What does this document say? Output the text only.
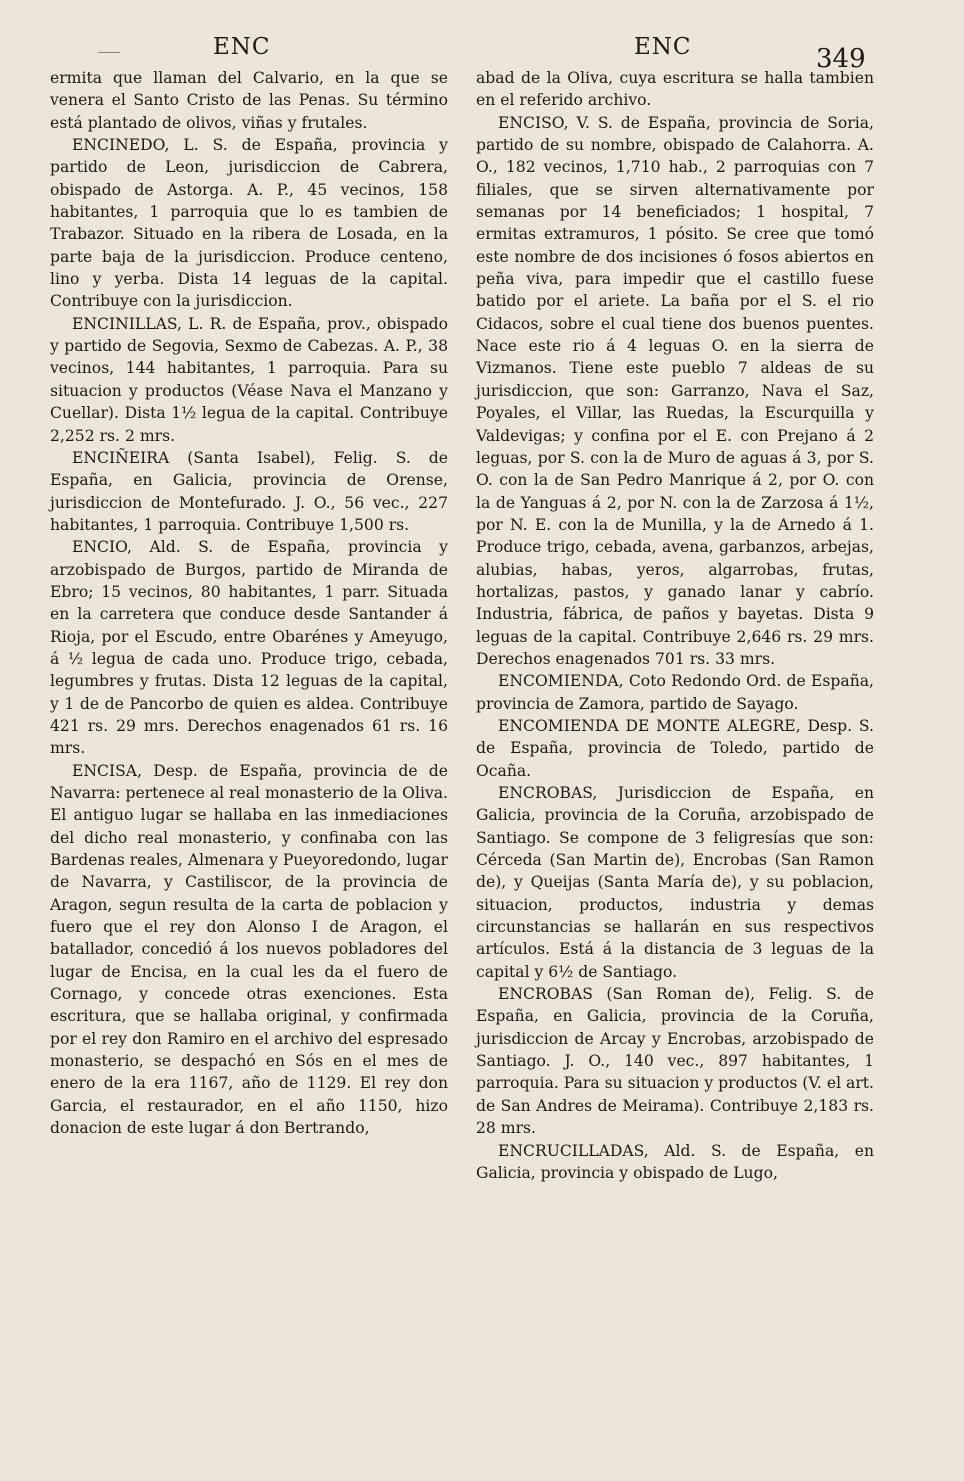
ENC	ENC	349

ermita que llaman del Calvario, en la que se venera el Santo Cristo de las Penas. Su término está plantado de olivos, viñas y frutales.

ENCINEDO, L. S. de España, provincia y partido de Leon, jurisdiccion de Cabrera, obispado de Astorga. A. P., 45 vecinos, 158 habitantes, 1 parroquia que lo es tambien de Trabazor. Situado en la ribera de Losada, en la parte baja de la jurisdiccion. Produce centeno, lino y yerba. Dista 14 leguas de la capital. Contribuye con la jurisdiccion.

ENCINILLAS, L. R. de España, prov., obispado y partido de Segovia, Sexmo de Cabezas. A. P., 38 vecinos, 144 habitantes, 1 parroquia. Para su situacion y productos (Véase Nava el Manzano y Cuellar). Dista 1½ legua de la capital. Contribuye 2,252 rs. 2 mrs.

ENCIÑEIRA (Santa Isabel), Felig. S. de España, en Galicia, provincia de Orense, jurisdiccion de Montefurado. J. O., 56 vec., 227 habitantes, 1 parroquia. Contribuye 1,500 rs.

ENCIO, Ald. S. de España, provincia y arzobispado de Burgos, partido de Miranda de Ebro; 15 vecinos, 80 habitantes, 1 parr. Situada en la carretera que conduce desde Santander á Rioja, por el Escudo, entre Obarénes y Ameyugo, á ½ legua de cada uno. Produce trigo, cebada, legumbres y frutas. Dista 12 leguas de la capital, y 1 de de Pancorbo de quien es aldea. Contribuye 421 rs. 29 mrs. Derechos enagenados 61 rs. 16 mrs.

ENCISA, Desp. de España, provincia de de Navarra: pertenece al real monasterio de la Oliva. El antiguo lugar se hallaba en las inmediaciones del dicho real monasterio, y confinaba con las Bardenas reales, Almenara y Pueyoredondo, lugar de Navarra, y Castiliscor, de la provincia de Aragon, segun resulta de la carta de poblacion y fuero que el rey don Alonso I de Aragon, el batallador, concedió á los nuevos pobladores del lugar de Encisa, en la cual les da el fuero de Cornago, y concede otras exenciones. Esta escritura, que se hallaba original, y confirmada por el rey don Ramiro en el archivo del espresado monasterio, se despachó en Sós en el mes de enero de la era 1167, año de 1129. El rey don Garcia, el restaurador, en el año 1150, hizo donacion de este lugar á don Bertrando,

abad de la Oliva, cuya escritura se halla tambien en el referido archivo.

ENCISO, V. S. de España, provincia de Soria, partido de su nombre, obispado de Calahorra. A. O., 182 vecinos, 1,710 hab., 2 parroquias con 7 filiales, que se sirven alternativamente por semanas por 14 beneficiados; 1 hospital, 7 ermitas extramuros, 1 pósito. Se cree que tomó este nombre de dos incisiones ó fosos abiertos en peña viva, para impedir que el castillo fuese batido por el ariete. La baña por el S. el rio Cidacos, sobre el cual tiene dos buenos puentes. Nace este rio á 4 leguas O. en la sierra de Vizmanos. Tiene este pueblo 7 aldeas de su jurisdiccion, que son: Garranzo, Nava el Saz, Poyales, el Villar, las Ruedas, la Escurquilla y Valdevigas; y confina por el E. con Prejano á 2 leguas, por S. con la de Muro de aguas á 3, por S. O. con la de San Pedro Manrique á 2, por O. con la de Yanguas á 2, por N. con la de Zarzosa á 1½, por N. E. con la de Munilla, y la de Arnedo á 1. Produce trigo, cebada, avena, garbanzos, arbejas, alubias, habas, yeros, algarrobas, frutas, hortalizas, pastos, y ganado lanar y cabrío. Industria, fábrica, de paños y bayetas. Dista 9 leguas de la capital. Contribuye 2,646 rs. 29 mrs. Derechos enagenados 701 rs. 33 mrs.

ENCOMIENDA, Coto Redondo Ord. de España, provincia de Zamora, partido de Sayago.

ENCOMIENDA DE MONTE ALEGRE, Desp. S. de España, provincia de Toledo, partido de Ocaña.

ENCROBAS, Jurisdiccion de España, en Galicia, provincia de la Coruña, arzobispado de Santiago. Se compone de 3 feligresías que son: Cérceda (San Martin de), Encrobas (San Ramon de), y Queijas (Santa María de), y su poblacion, situacion, productos, industria y demas circunstancias se hallarán en sus respectivos artículos. Está á la distancia de 3 leguas de la capital y 6½ de Santiago.

ENCROBAS (San Roman de), Felig. S. de España, en Galicia, provincia de la Coruña, jurisdiccion de Arcay y Encrobas, arzobispado de Santiago. J. O., 140 vec., 897 habitantes, 1 parroquia. Para su situacion y productos (V. el art. de San Andres de Meirama). Contribuye 2,183 rs. 28 mrs.

ENCRUCILLADAS, Ald. S. de España, en Galicia, provincia y obispado de Lugo,
